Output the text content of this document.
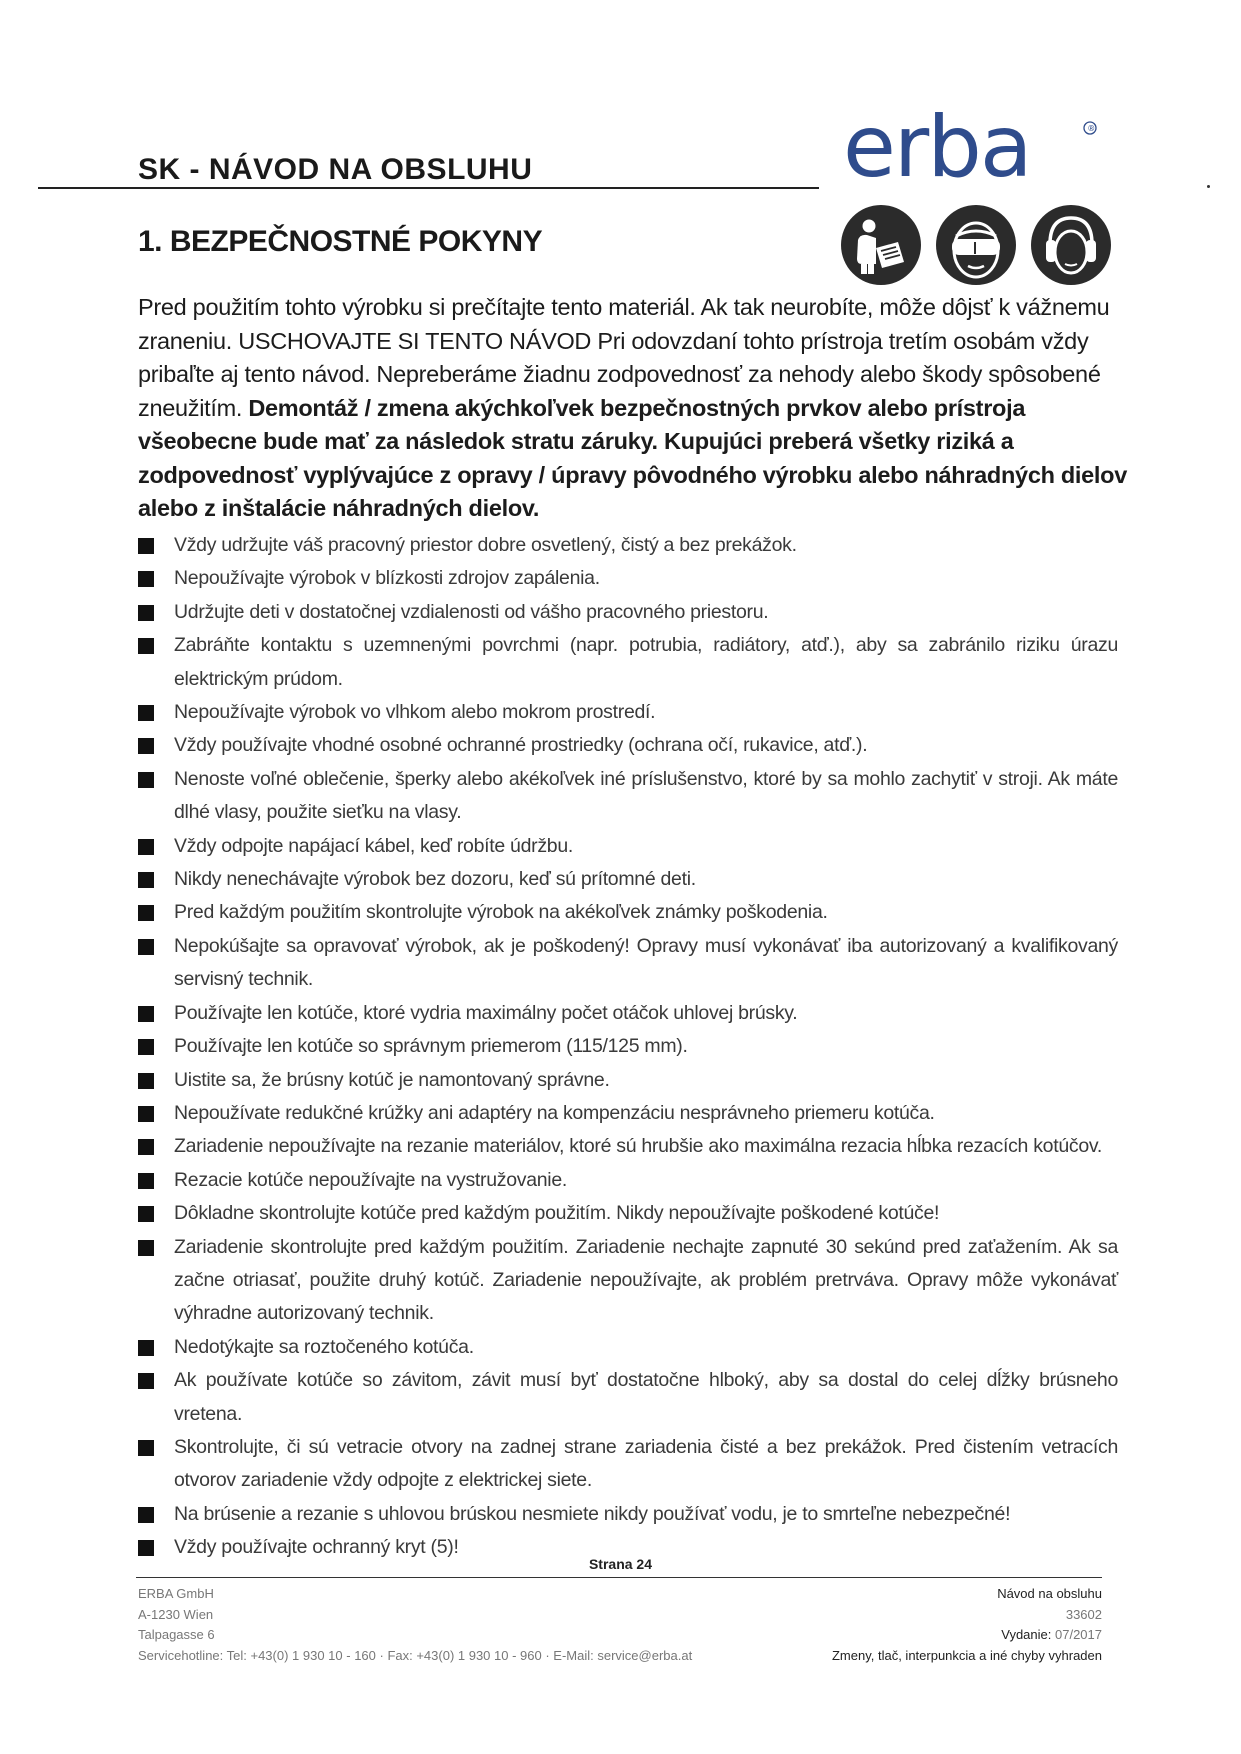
SK - NÁVOD NA OBSLUHU	erba	®
1. BEZPEČNOSTNÉ POKYNY

Pred použitím tohto výrobku si prečítajte tento materiál. Ak tak neurobíte, môže dôjsť k vážnemu zraneniu. USCHOVAJTE SI TENTO NÁVOD Pri odovzdaní tohto prístroja tretím osobám vždy pribaľte aj tento návod. Nepreberáme žiadnu zodpovednosť za nehody alebo škody spôsobené zneužitím. Demontáž / zmena akýchkoľvek bezpečnostných prvkov alebo prístroja všeobecne bude mať za následok stratu záruky. Kupujúci preberá všetky riziká a zodpovednosť vyplývajúce z opravy / úpravy pôvodného výrobku alebo náhradných dielov alebo z inštalácie náhradných dielov.

Vždy udržujte váš pracovný priestor dobre osvetlený, čistý a bez prekážok.
Nepoužívajte výrobok v blízkosti zdrojov zapálenia.
Udržujte deti v dostatočnej vzdialenosti od vášho pracovného priestoru.
Zabráňte kontaktu s uzemnenými povrchmi (napr. potrubia, radiátory, atď.), aby sa zabránilo riziku úrazu elektrickým prúdom.
Nepoužívajte výrobok vo vlhkom alebo mokrom prostredí.
Vždy používajte vhodné osobné ochranné prostriedky (ochrana očí, rukavice, atď.).
Nenoste voľné oblečenie, šperky alebo akékoľvek iné príslušenstvo, ktoré by sa mohlo zachytiť v stroji. Ak máte dlhé vlasy, použite sieťku na vlasy.
Vždy odpojte napájací kábel, keď robíte údržbu.
Nikdy nenechávajte výrobok bez dozoru, keď sú prítomné deti.
Pred každým použitím skontrolujte výrobok na akékoľvek známky poškodenia.
Nepokúšajte sa opravovať výrobok, ak je poškodený! Opravy musí vykonávať iba autorizovaný a kvalifikovaný servisný technik.
Používajte len kotúče, ktoré vydria maximálny počet otáčok uhlovej brúsky.
Používajte len kotúče so správnym priemerom (115/125 mm).
Uistite sa, že brúsny kotúč je namontovaný správne.
Nepoužívate redukčné krúžky ani adaptéry na kompenzáciu nesprávneho priemeru kotúča.
Zariadenie nepoužívajte na rezanie materiálov, ktoré sú hrubšie ako maximálna rezacia hĺbka rezacích kotúčov.
Rezacie kotúče nepoužívajte na vystružovanie.
Dôkladne skontrolujte kotúče pred každým použitím. Nikdy nepoužívajte poškodené kotúče!
Zariadenie skontrolujte pred každým použitím. Zariadenie nechajte zapnuté 30 sekúnd pred zaťažením. Ak sa začne otriasať, použite druhý kotúč. Zariadenie nepoužívajte, ak problém pretrváva. Opravy môže vykonávať výhradne autorizovaný technik.
Nedotýkajte sa roztočeného kotúča.
Ak používate kotúče so závitom, závit musí byť dostatočne hlboký, aby sa dostal do celej dĺžky brúsneho vretena.
Skontrolujte, či sú vetracie otvory na zadnej strane zariadenia čisté a bez prekážok. Pred čistením vetracích otvorov zariadenie vždy odpojte z elektrickej siete.
Na brúsenie a rezanie s uhlovou brúskou nesmiete nikdy používať vodu, je to smrteľne nebezpečné!
Vždy používajte ochranný kryt (5)!
Strana 24
ERBA GmbH
A-1230 Wien
Talpagasse 6
Servicehotline: Tel: +43(0) 1 930 10 - 160 · Fax: +43(0) 1 930 10 - 960 · E-Mail: service@erba.at
Návod na obsluhu
33602
Vydanie: 07/2017
Zmeny, tlač, interpunkcia a iné chyby vyhraden
